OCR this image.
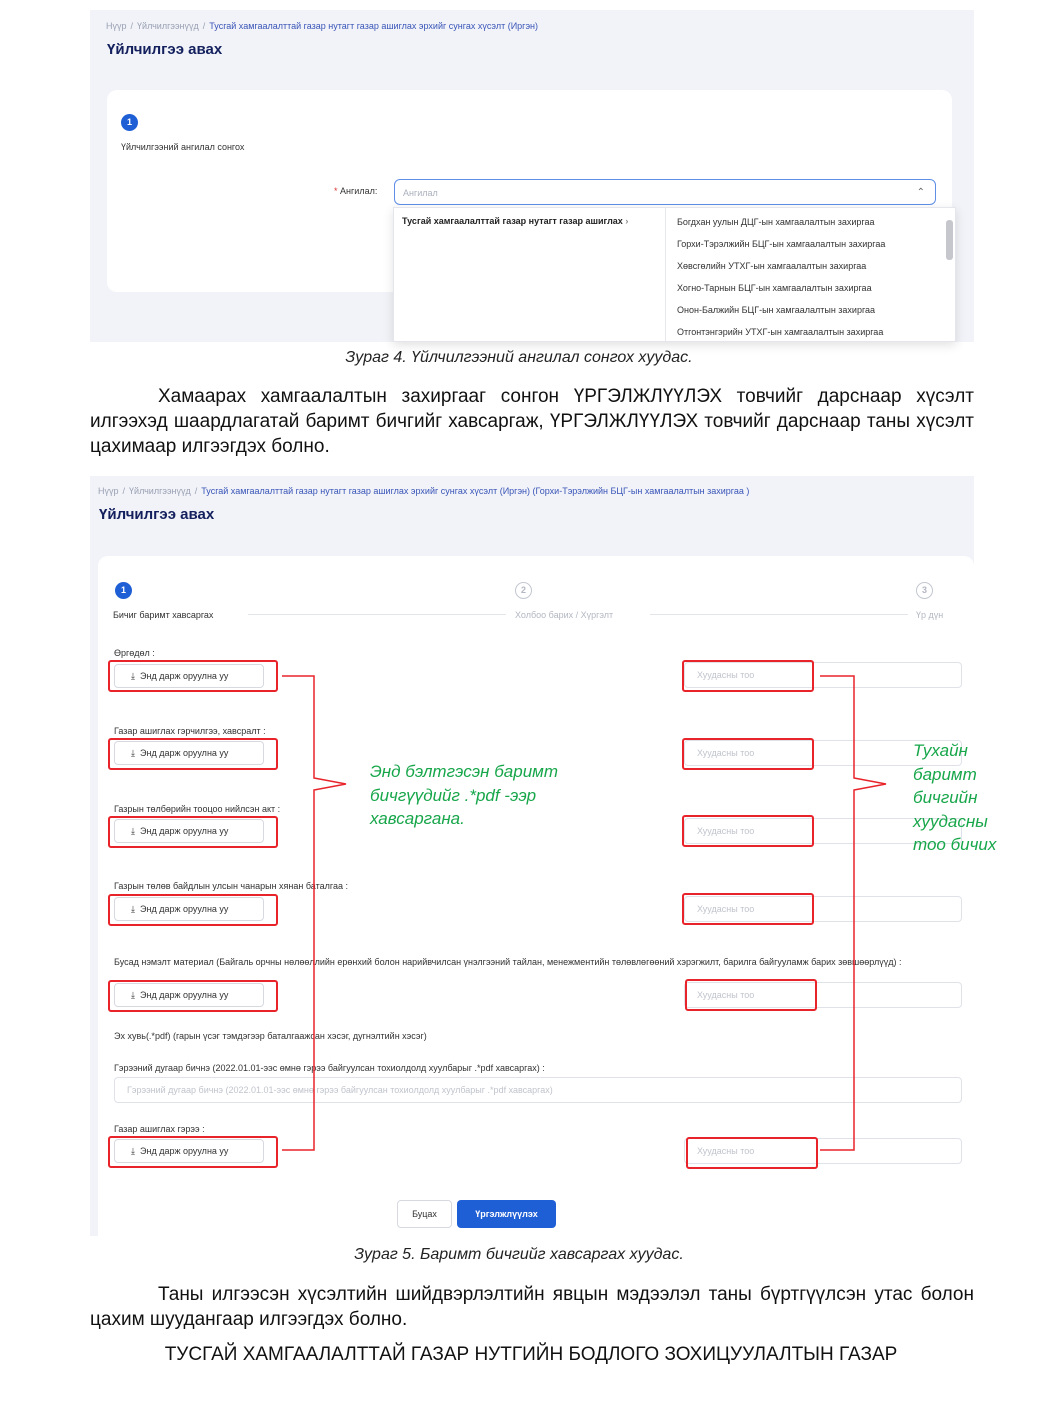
Нүүр / Үйлчилгээнүүд / Тусгай хамгаалалттай газар нутагт газар ашиглах эрхийг сунгах хүсэлт (Иргэн)
Үйлчилгээ авах
1
Үйлчилгээний ангилал сонгох
* Ангилал:	Ангилал	⌃
Тусгай хамгаалалттай газар нутагт газар ашиглах ›	Богдхан уулын ДЦГ-ын хамгаалалтын захиргаа
Горхи-Тэрэлжийн БЦГ-ын хамгаалалтын захиргаа
Хөвсгөлийн УТХГ-ын хамгаалалтын захиргаа
Хогно-Тарнын БЦГ-ын хамгаалалтын захиргаа
Онон-Балжийн БЦГ-ын хамгаалалтын захиргаа
Отгонтэнгэрийн УТХГ-ын хамгаалалтын захиргаа
Зураг 4. Үйлчилгээний ангилал сонгох хуудас.
Хамаарах хамгаалалтын захиргааг сонгон ҮРГЭЛЖЛҮҮЛЭХ товчийг дарснаар хүсэлт илгээхэд шаардлагатай баримт бичгийг хавсаргаж, ҮРГЭЛЖЛҮҮЛЭХ товчийг дарснаар таны хүсэлт цахимаар илгээгдэх болно.
Нүүр / Үйлчилгээнүүд / Тусгай хамгаалалттай газар нутагт газар ашиглах эрхийг сунгах хүсэлт (Иргэн) (Горхи-Тэрэлжийн БЦГ-ын хамгаалалтын захиргаа )
Үйлчилгээ авах
1	2	3
Бичиг баримт хавсаргах	Холбоо барих / Хүргэлт	Үр дүн
Өргөдөл :
⤓ Энд дарж оруулна уу	Хуудасны тоо
Газар ашиглах гэрчилгээ, хавсралт :
⤓ Энд дарж оруулна уу	Хуудасны тоо
Газрын төлбөрийн тооцоо нийлсэн акт :
⤓ Энд дарж оруулна уу	Хуудасны тоо
Газрын төлөв байдлын улсын чанарын хянан баталгаа :
⤓ Энд дарж оруулна уу	Хуудасны тоо
Бусад нэмэлт материал (Байгаль орчны нөлөөллийн ерөнхий болон нарийвчилсан үнэлгээний тайлан, менежментийн төлөвлөгөөний хэрэгжилт, барилга байгууламж барих зөвшөөрлүүд) :
⤓ Энд дарж оруулна уу	Хуудасны тоо
Эх хувь(.*pdf) (гарын үсэг тэмдэгээр баталгаажсан хэсэг, дугнэлтийн хэсэг)
Гэрээний дугаар бичнэ (2022.01.01-ээс өмнө гэрээ байгуулсан тохиолдолд хуулбарыг .*pdf хавсаргах) :
Гэрээний дугаар бичнэ (2022.01.01-ээс өмнө гэрээ байгуулсан тохиолдолд хуулбарыг .*pdf хавсаргах)
Газар ашиглах гэрээ :
⤓ Энд дарж оруулна уу	Хуудасны тоо
Буцах	Үргэлжлүүлэх
Энд бэлтгэсэн баримт
бичгүүдийг .*pdf -ээр
хавсаргана.
Тухайн
баримт
бичгийн
хуудасны
тоо бичих
Зураг 5. Баримт бичгийг хавсаргах хуудас.
Таны илгээсэн хүсэлтийн шийдвэрлэлтийн явцын мэдээлэл таны бүртгүүлсэн утас болон цахим шуудангаар илгээгдэх болно.
ТУСГАЙ ХАМГААЛАЛТТАЙ ГАЗАР НУТГИЙН БОДЛОГО ЗОХИЦУУЛАЛТЫН ГАЗАР
